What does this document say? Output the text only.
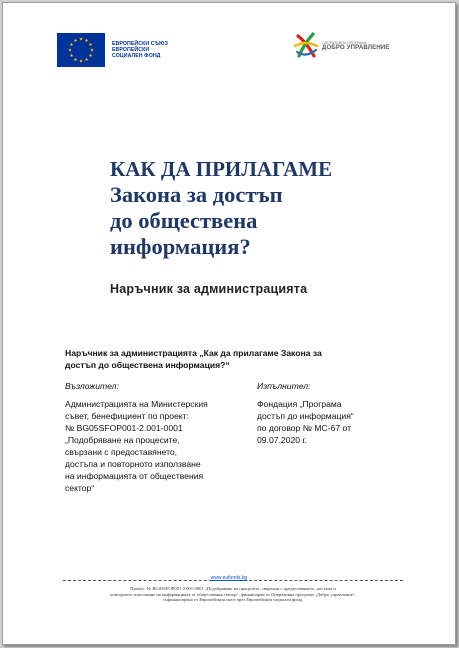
ЕВРОПЕЙСКИ СЪЮЗ
ЕВРОПЕЙСКИ
СОЦИАЛЕН ФОНД
ОПЕРАТИВНА ПРОГРАМА
ДОБРО УПРАВЛЕНИЕ
КАК ДА ПРИЛАГАМЕ
Закона за достъп
до обществена
информация?
Наръчник за администрацията
Наръчник за администрацията „Как да прилагаме Закона за
достъп до обществена информация?“
Възложител:
Администрацията на Министерския
съвет, бенефициент по проект:
№ BG05SFOP001-2.001-0001
„Подобряване на процесите,
свързани с предоставянето,
достъпа и повторното използване
на информацията от обществения
сектор“
Изпълнител:
Фондация „Програма
достъп до информация“
по договор № МС-67 от
09.07.2020 г.
www.eufunds.bg
Проект: № BG05SFOP001-2.001-0001 „Подобряване на процесите, свързани с предоставянето, достъпа и
повторното използване на информацията от обществения сектор“, финансиран от Оперативна програма „Добро управление“,
съфинансирана от Европейския съюз чрез Европейския социален фонд.
